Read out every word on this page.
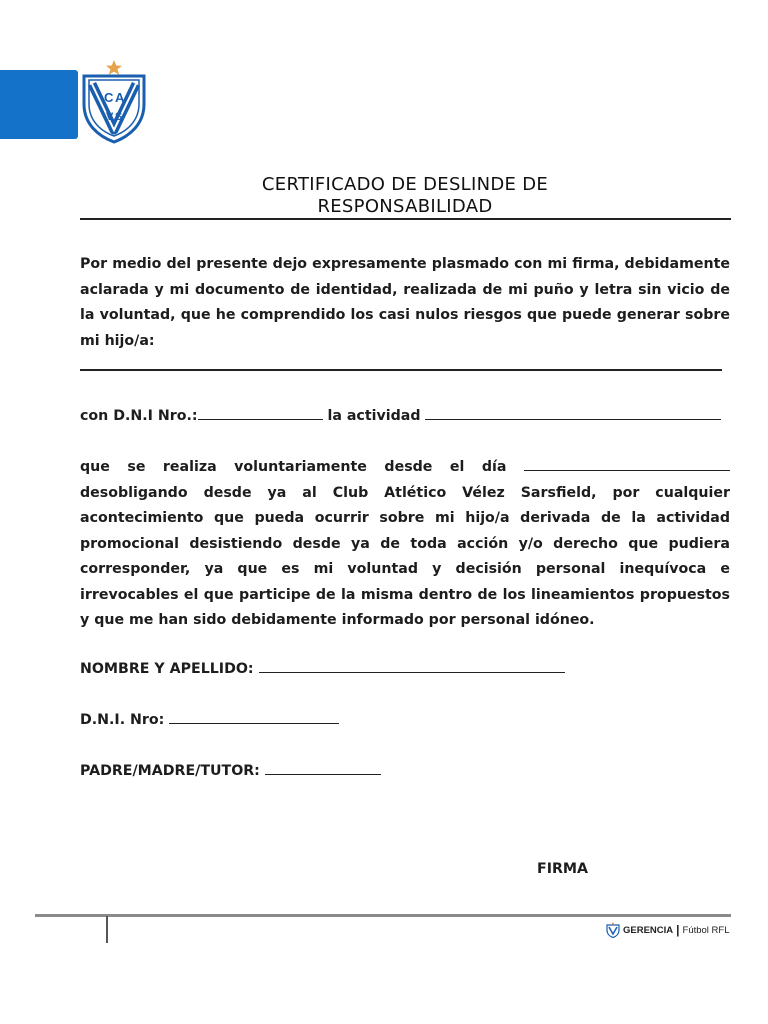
C A
V S
CERTIFICADO DE DESLINDE DE
RESPONSABILIDAD
Por medio del presente dejo expresamente plasmado con mi firma, debidamente aclarada y mi documento de identidad, realizada de mi puño y letra sin vicio de la voluntad, que he comprendido los casi nulos riesgos que puede generar sobre mi hijo/a:
con D.N.I Nro.:	la actividad
que se realiza voluntariamente desde el día  desobligando desde ya al Club Atlético Vélez Sarsfield, por cualquier acontecimiento que pueda ocurrir sobre mi hijo/a derivada de la actividad promocional desistiendo desde ya de toda acción y/o derecho que pudiera corresponder, ya que es mi voluntad y decisión personal inequívoca e irrevocables el que participe de la misma dentro de los lineamientos propuestos y que me han sido debidamente informado por personal idóneo.
NOMBRE Y APELLIDO:
D.N.I. Nro:
PADRE/MADRE/TUTOR:
FIRMA
GERENCIA | Fútbol RFL
